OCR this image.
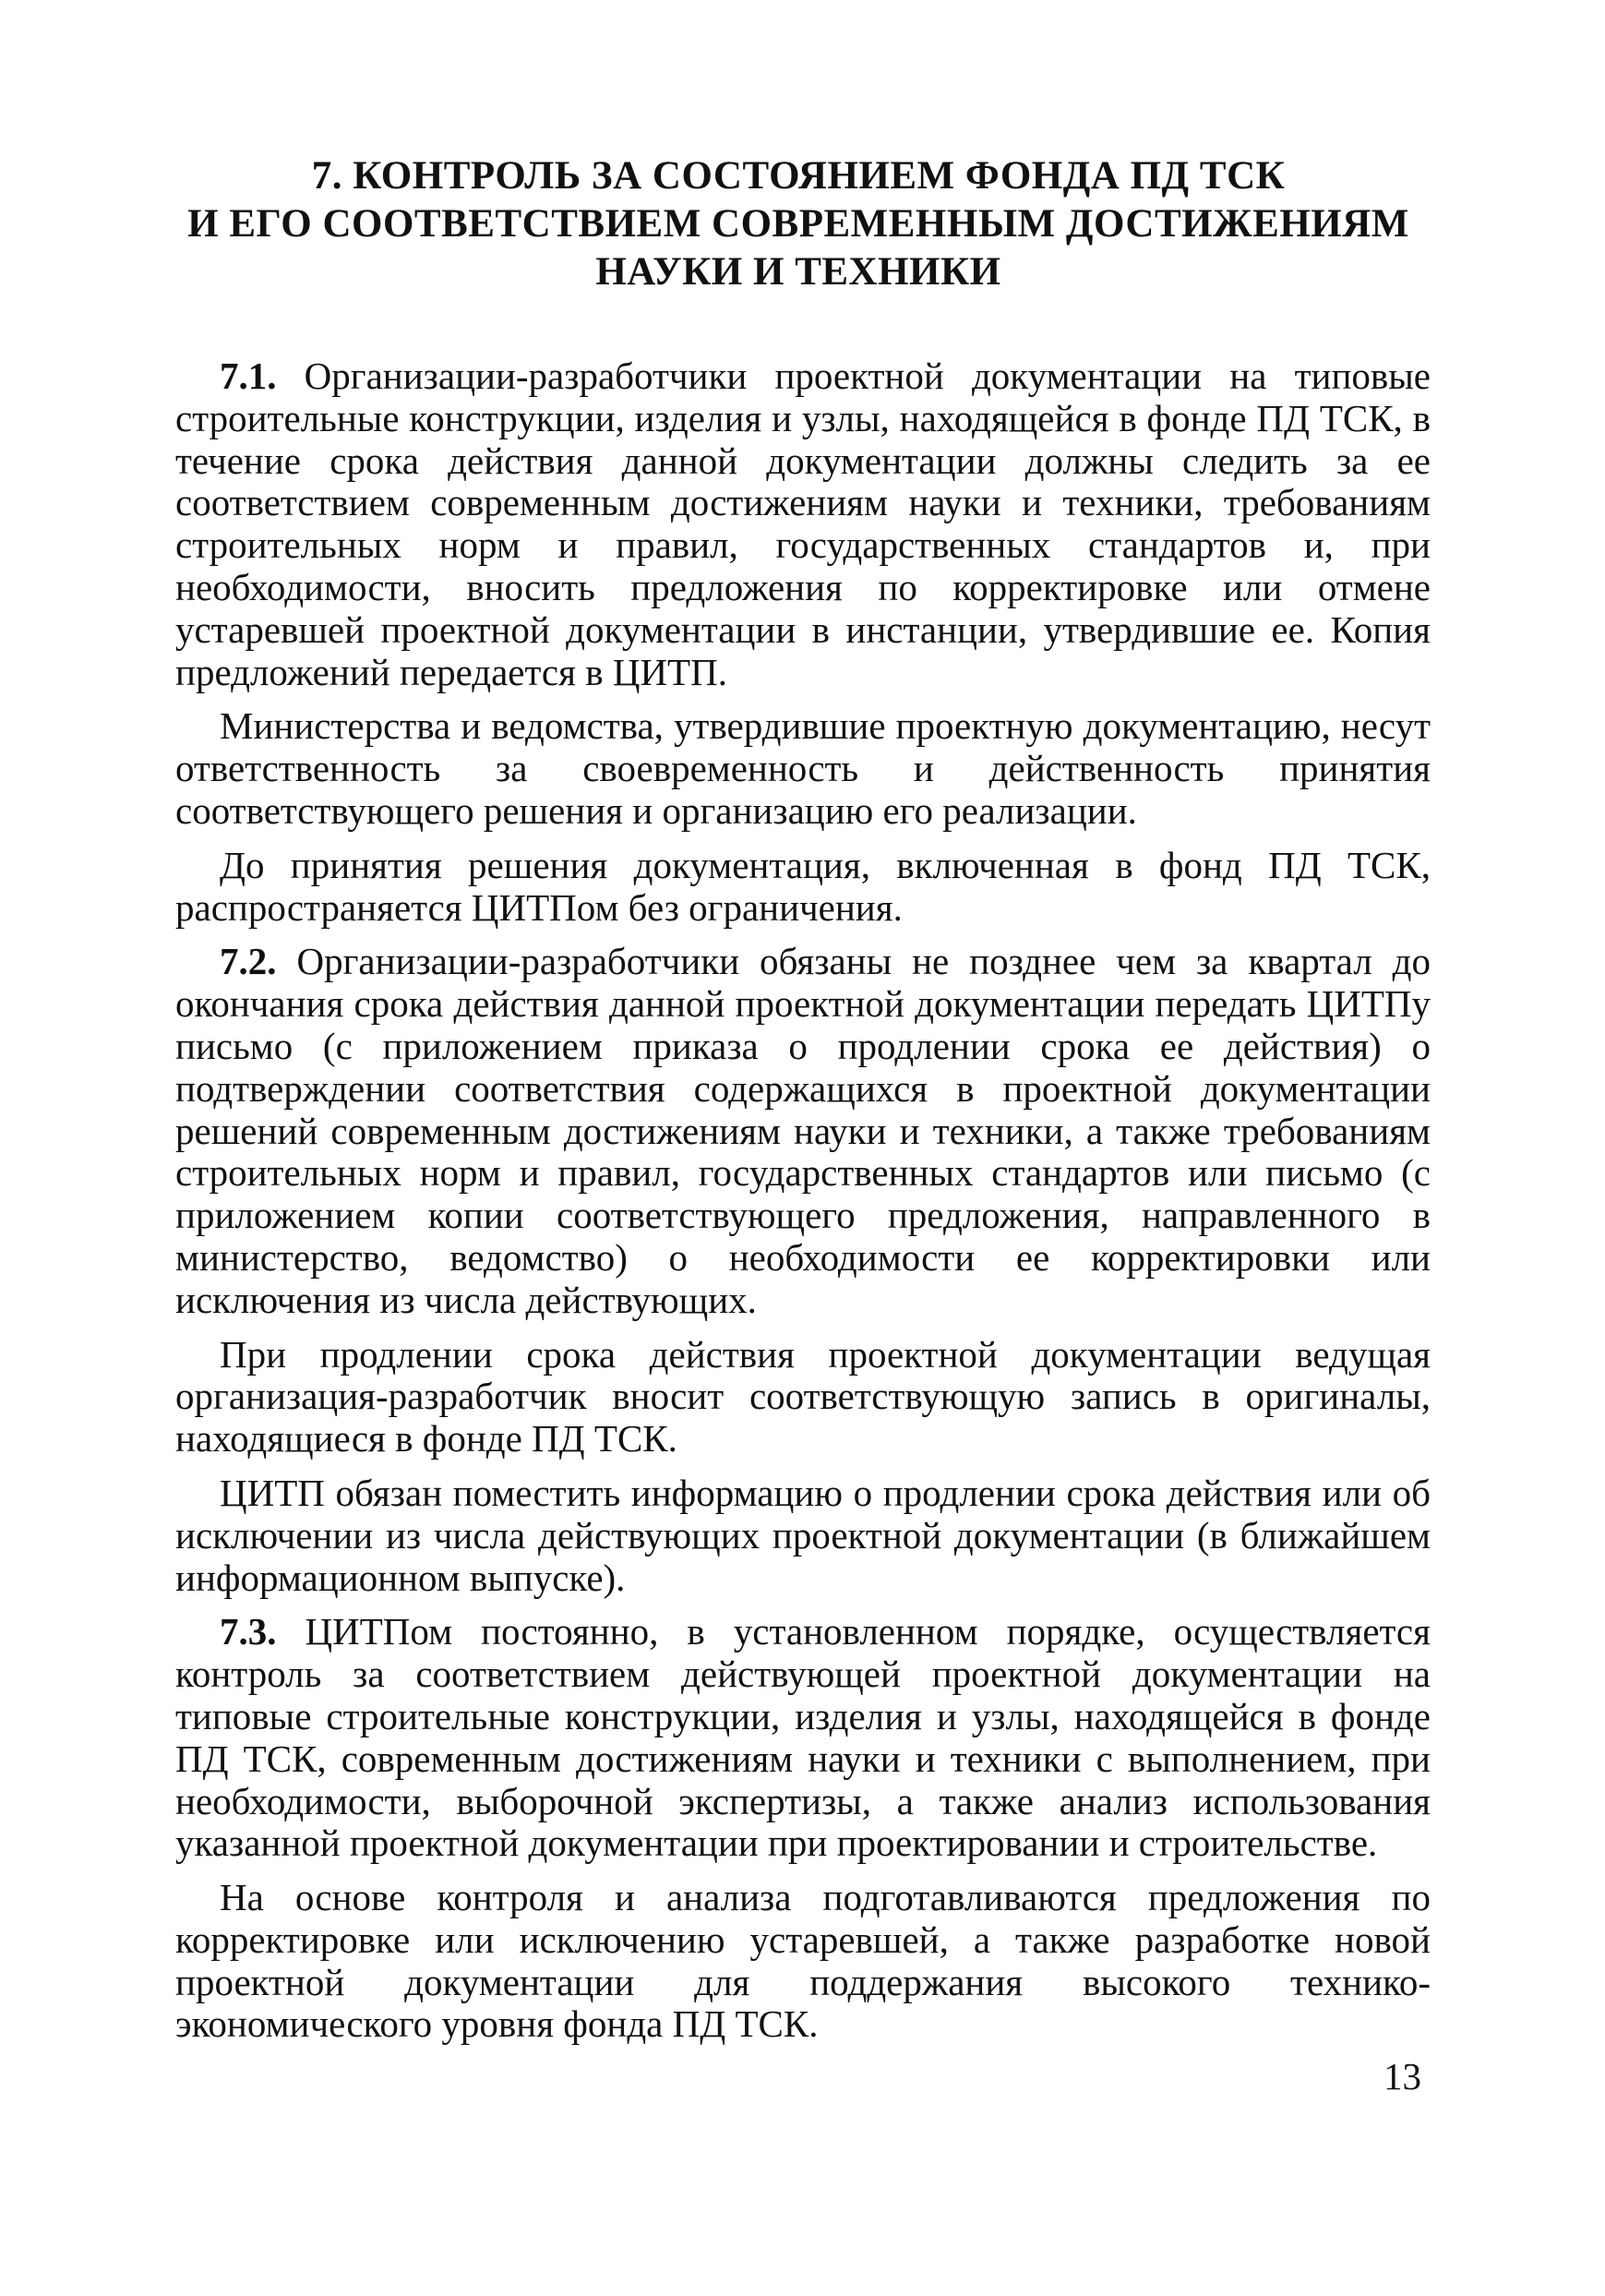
7. КОНТРОЛЬ ЗА СОСТОЯНИЕМ ФОНДА ПД ТСК
И ЕГО СООТВЕТСТВИЕМ СОВРЕМЕННЫМ ДОСТИЖЕНИЯМ
НАУКИ И ТЕХНИКИ

7.1. Организации-разработчики проектной документации на типовые строительные конструкции, изделия и узлы, находящейся в фонде ПД ТСК, в течение срока действия данной документации должны следить за ее соответствием современным достижениям науки и техники, требованиям строительных норм и правил, государственных стандартов и, при необходимости, вносить предложения по корректировке или отмене устаревшей проектной документации в инстанции, утвердившие ее. Копия предложений передается в ЦИТП.

Министерства и ведомства, утвердившие проектную документацию, несут ответственность за своевременность и действенность принятия соответствующего решения и организацию его реализации.

До принятия решения документация, включенная в фонд ПД ТСК, распространяется ЦИТПом без ограничения.

7.2. Организации-разработчики обязаны не позднее чем за квартал до окончания срока действия данной проектной документации передать ЦИТПу письмо (с приложением приказа о продлении срока ее действия) о подтверждении соответствия содержащихся в проектной документации решений современным достижениям науки и техники, а также требованиям строительных норм и правил, государственных стандартов или письмо (с приложением копии соответствующего предложения, направленного в министерство, ведомство) о необходимости ее корректировки или исключения из числа действующих.

При продлении срока действия проектной документации ведущая организация-разработчик вносит соответствующую запись в оригиналы, находящиеся в фонде ПД ТСК.

ЦИТП обязан поместить информацию о продлении срока действия или об исключении из числа действующих проектной документации (в ближайшем информационном выпуске).

7.3. ЦИТПом постоянно, в установленном порядке, осуществляется контроль за соответствием действующей проектной документации на типовые строительные конструкции, изделия и узлы, находящейся в фонде ПД ТСК, современным достижениям науки и техники с выполнением, при необходимости, выборочной экспертизы, а также анализ использования указанной проектной документации при проектировании и строительстве.

На основе контроля и анализа подготавливаются предложения по корректировке или исключению устаревшей, а также разработке новой проектной документации для поддержания высокого технико-экономического уровня фонда ПД ТСК.

13
